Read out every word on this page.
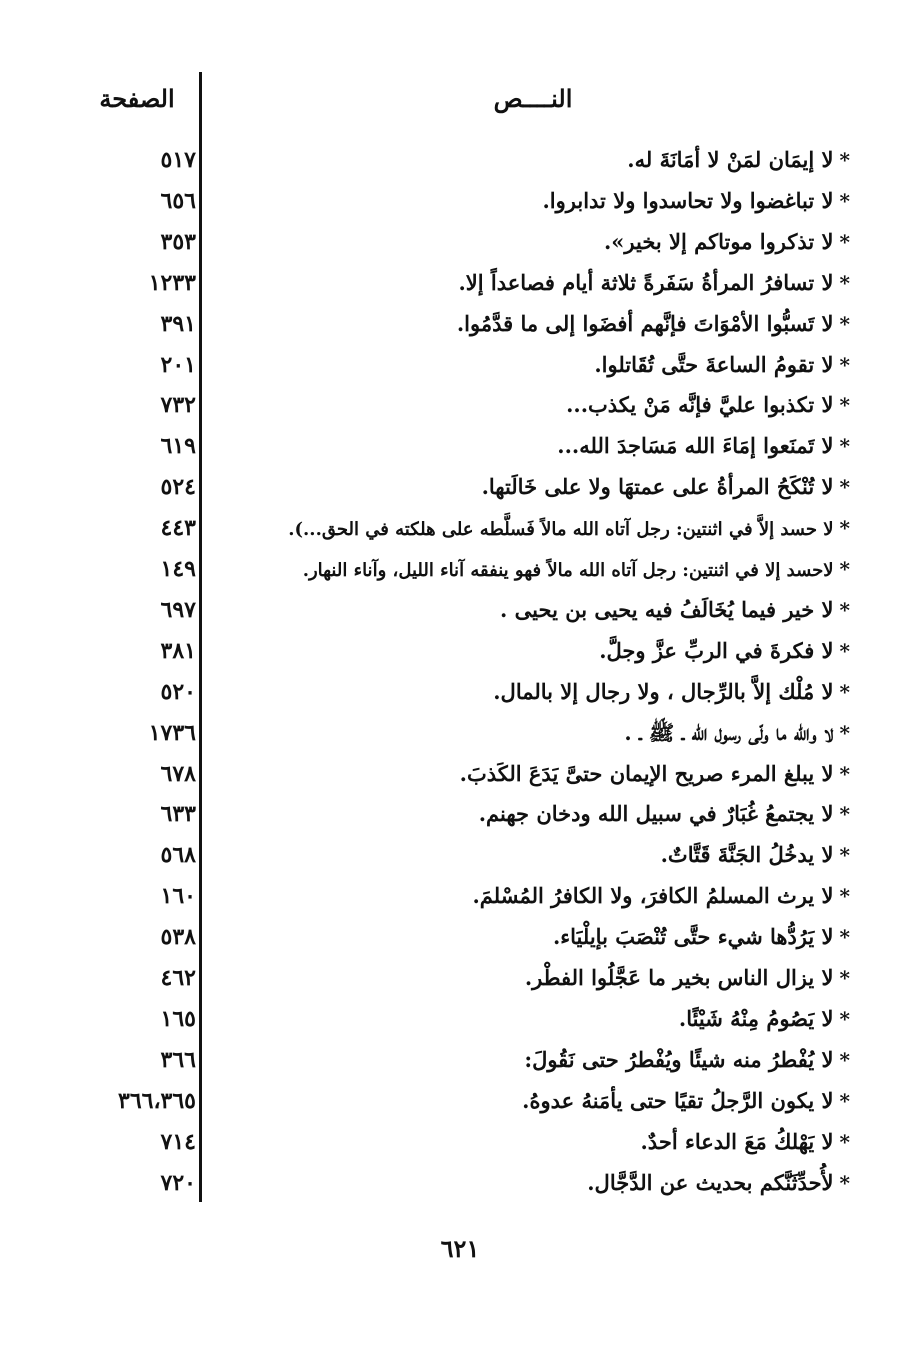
النــــص
الصفحة
*لا إيمَان لمَنْ لا أمَانَةَ له.
٥١٧
*لا تباغضوا ولا تحاسدوا ولا تدابروا.
٦٥٦
*لا تذكروا موتاكم إلا بخير».
٣٥٣
*لا تسافرُ المرأةُ سَفَرةً ثلاثة أيام فصاعداً إلا.
١٢٣٣
*لا تَسبُّوا الأمْوَاتَ فإنَّهم أفضَوا إلى ما قدَّمُوا.
٣٩١
*لا تقومُ الساعةَ حتَّى تُقَاتلوا.
٢٠١
*لا تكذبوا عليَّ فإنَّه مَنْ يكذب...
٧٣٢
*لا تَمنَعوا إمَاءَ الله مَسَاجدَ الله...
٦١٩
*لا تُنْكَحُ المرأةُ على عمتهَا ولا على خَالَتها.
٥٢٤
*لا حسد إلاَّ في اثنتين: رجل آتاه الله مالاً فَسلَّطه على هلكته في الحق...).
٤٤٣
*لاحسد إلا في اثنتين: رجل آتاه الله مالاً فهو ينفقه آناء الليل، وآناء النهار.
١٤٩
*لا خير فيما يُخَالَفُ فيه يحيى بن يحيى .
٦٩٧
*لا فكرةَ في الربِّ عزَّ وجلَّ.
٣٨١
*لا مُلْك إلاَّ بالرِّجال ، ولا رجال إلا بالمال.
٥٢٠
*لا والله ما ولّى رسول الله ـ ﷺ ـ .
١٧٣٦
*لا يبلغ المرء صريح الإيمان حتىَّ يَدَعَ الكَذبَ.
٦٧٨
*لا يجتمعُ غُبَارٌ في سبيل الله ودخان جهنم.
٦٣٣
*لا يدخُلُ الجَنَّةَ قَتَّاتٌ.
٥٦٨
*لا يرث المسلمُ الكافرَ، ولا الكافرُ المُسْلمَ.
١٦٠
*لا يَرُدُّها شيء حتَّى تُنْصَبَ بإيلْيَاء.
٥٣٨
*لا يزال الناس بخير ما عَجَّلُوا الفطْر.
٤٦٢
*لا يَصُومُ مِنْهُ شَيْئًا.
١٦٥
*لا يُفْطرُ منه شيئًا ويُفْطرُ حتى نَقُولَ:
٣٦٦
*لا يكون الرَّجلُ تقيًا حتى يأمَنهُ عدوهُ.
٣٦٦،٣٦٥
*لا يَهْلكُ مَعَ الدعاء أحدٌ.
٧١٤
*لأُحدِّثَنَّكم بحديث عن الدَّجَّال.
٧٢٠
٦٢١
